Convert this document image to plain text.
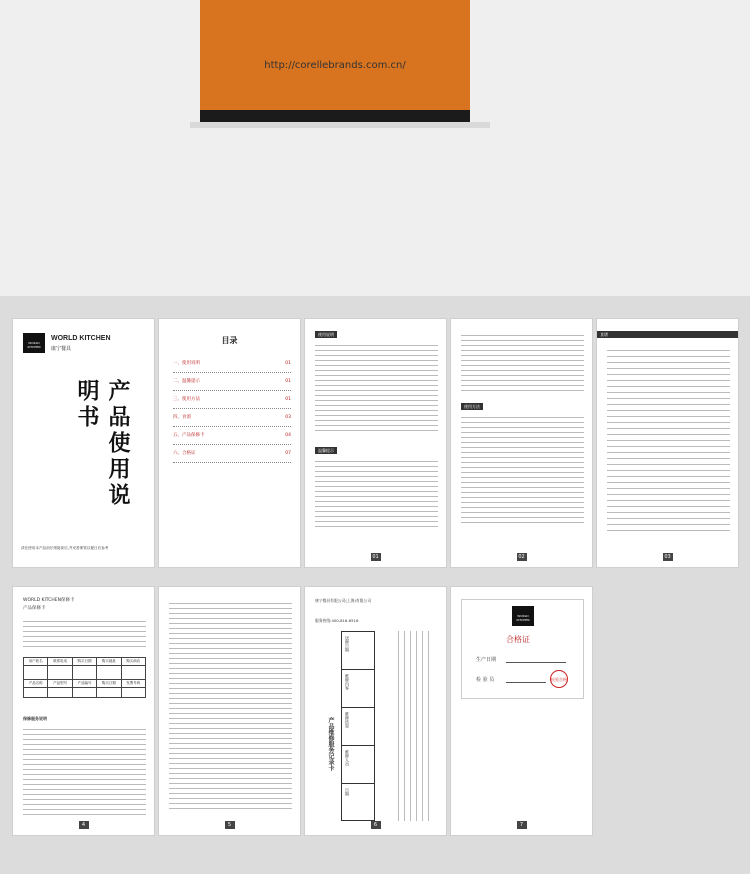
http://corellebrands.com.cn/
WORLD KITCHEN
WORLD KITCHEN
康宁餐具
产品使用说明书
请在使用本产品前仔细阅读后,并妥善保管以便日后参考
目录
一、使用说明	01
二、温馨提示	01
三、使用方法	01
四、食谱	03
五、产品保修卡	04
六、合格证	07
使用说明
温馨提示
01
使用方法
02
食谱
03
WORLD KITCHEN保修卡
产品保修卡
用户姓名	联系电话	购买日期	购买地址	购买商店

产品名称	产品型号	产品编号	购买日期	发票号码

保修服务说明
4	5
康宁餐具有限公司(上海)有限公司
服务热线:400-816-6518
送修日期
维修内容
维修结果
维修人员
日期
产品维修服务记录卡
6
WORLD KITCHEN
合格证
生产日期
检 验 员	检验合格
7
